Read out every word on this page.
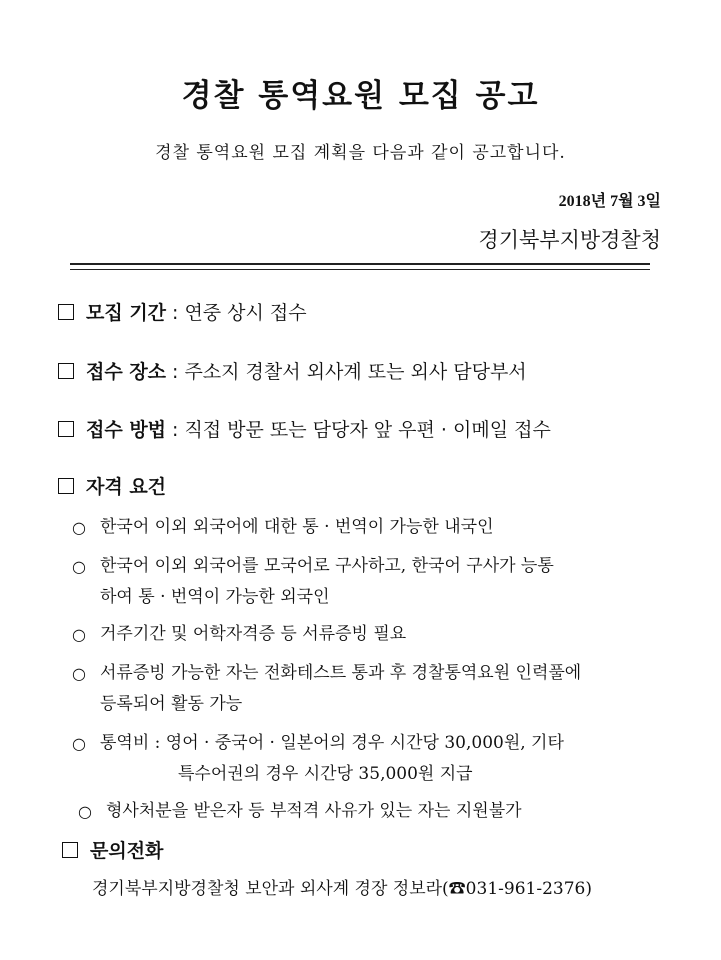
경찰 통역요원 모집 공고
경찰 통역요원 모집 계획을 다음과 같이 공고합니다.
2018년 7월 3일
경기북부지방경찰청
모집 기간 : 연중 상시 접수
접수 장소 : 주소지 경찰서 외사계 또는 외사 담당부서
접수 방법 : 직접 방문 또는 담당자 앞 우편 · 이메일 접수
자격 요건
○ 한국어 이외 외국어에 대한 통 · 번역이 가능한 내국인
○ 한국어 이외 외국어를 모국어로 구사하고, 한국어 구사가 능통
하여 통 · 번역이 가능한 외국인
○ 거주기간 및 어학자격증 등 서류증빙 필요
○ 서류증빙 가능한 자는 전화테스트 통과 후 경찰통역요원 인력풀에
등록되어 활동 가능
○ 통역비 : 영어 · 중국어 · 일본어의 경우 시간당 30,000원, 기타
특수어권의 경우 시간당 35,000원 지급
○ 형사처분을 받은자 등 부적격 사유가 있는 자는 지원불가
문의전화
경기북부지방경찰청 보안과 외사계 경장 정보라(☎031-961-2376)
